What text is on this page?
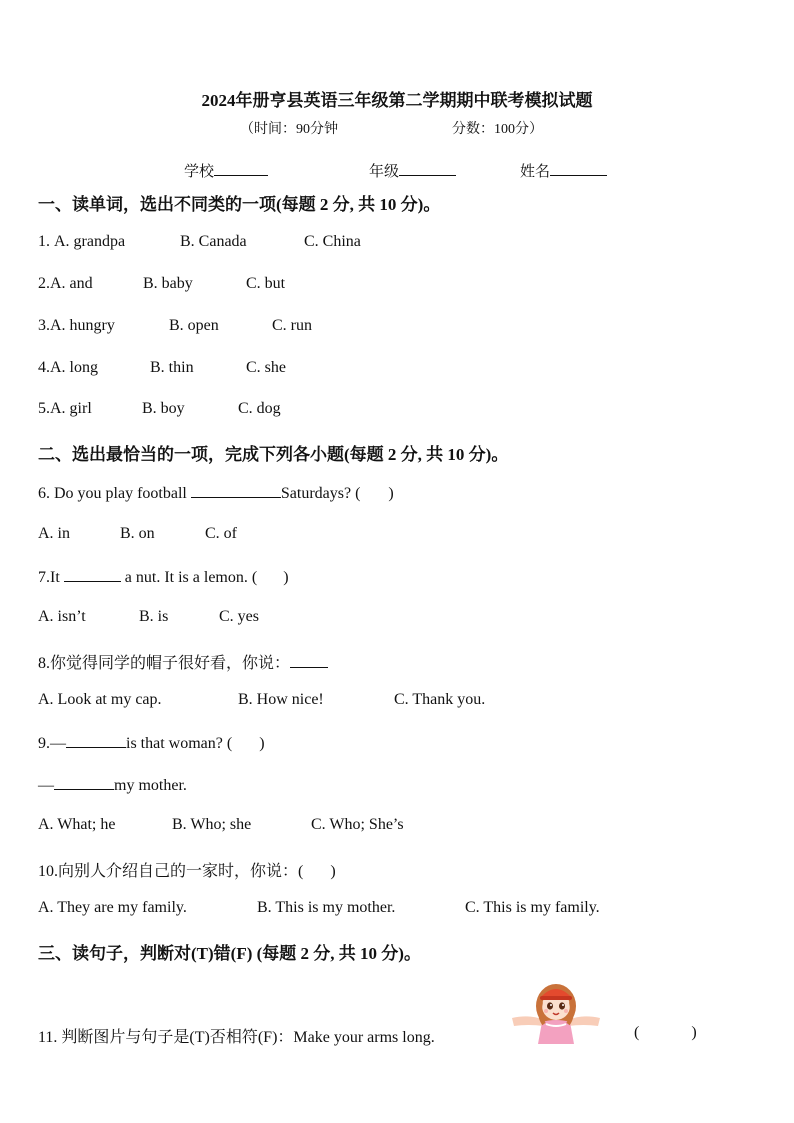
2024年册亨县英语三年级第二学期期中联考模拟试题
（时间：90分钟	分数：100分）
学校	年级	姓名
一、读单词，选出不同类的一项(每题 2 分, 共 10 分)。
1. A. grandpa	B. Canada	C. China
2.A. and	B. baby	C. but
3.A. hungry	B. open	C. run
4.A. long	B. thin	C. she
5.A. girl	B. boy	C. dog
二、选出最恰当的一项，完成下列各小题(每题 2 分, 共 10 分)。
6. Do you play football	Saturdays? ( )
A. in	B. on	C. of
7.It	a nut. It is a lemon. ( )
A. isn’t	B. is	C. yes
8.你觉得同学的帽子很好看，你说：
A. Look at my cap.	B. How nice!	C. Thank you.
9.—	is that woman? ( )
—	my mother.
A. What; he	B. Who; she	C. Who; She’s
10.向别人介绍自己的一家时，你说：( )
A. They are my family.	B. This is my mother.	C. This is my family.
三、读句子，判断对(T)错(F) (每题 2 分, 共 10 分)。
11. 判断图片与句子是(T)否相符(F)：Make your arms long.	(	)
